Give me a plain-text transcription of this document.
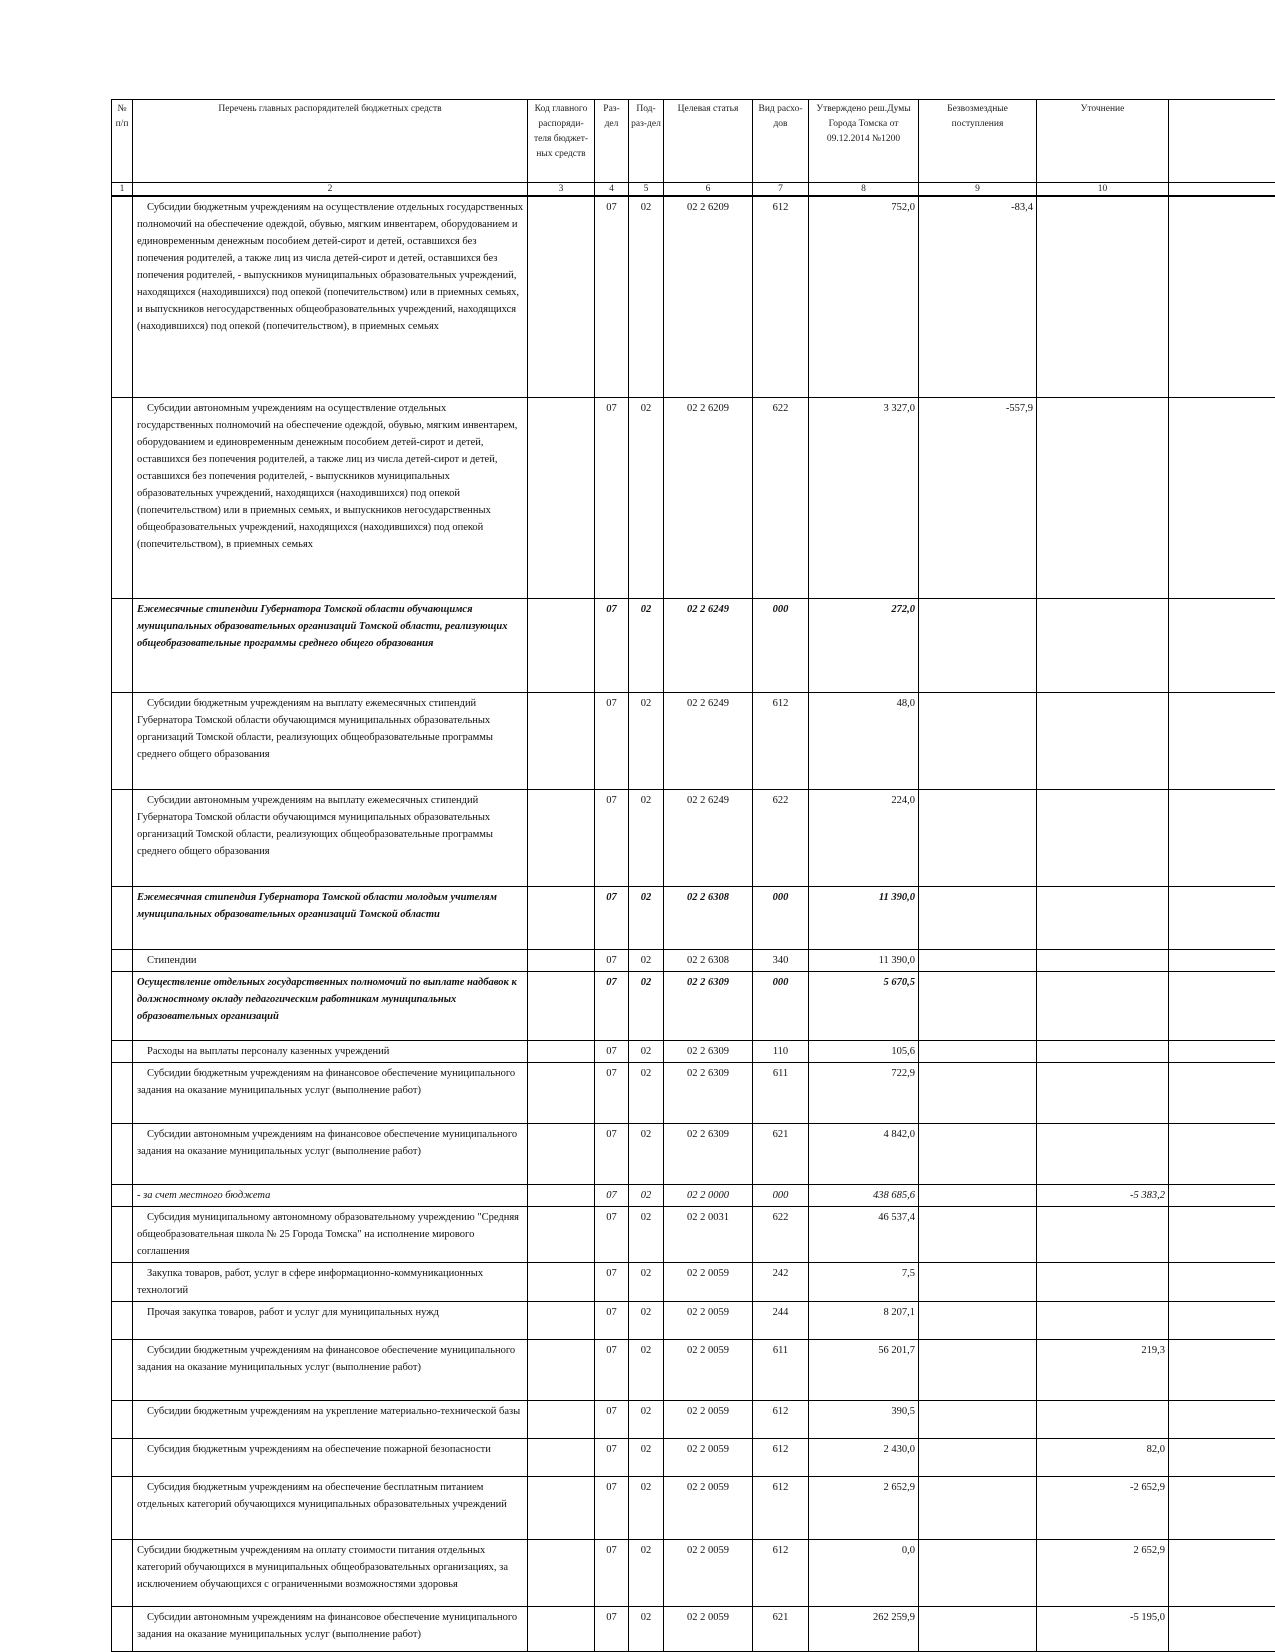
№ п/п	Перечень главных распорядителей бюджетных средств	Код главного распоряди-теля бюджет-ных средств	Раз-дел	Под-раз-дел	Целевая статья	Вид расхо-дов	Утверждено реш.Думы Города Томска от 09.12.2014 №1200	Безвозмездные поступления	Уточнение	
1	2	3	4	5	6	7	8	9	10	

	Субсидии бюджетным учреждениям на осуществление отдельных государственных полномочий на обеспечение одеждой, обувью, мягким инвентарем, оборудованием и единовременным денежным пособием детей-сирот и детей, оставшихся без попечения родителей, а также лиц из числа детей-сирот и детей, оставшихся без попечения родителей, - выпускников муниципальных образовательных учреждений, находящихся (находившихся) под опекой (попечительством) или в приемных семьях, и выпускников негосударственных общеобразовательных учреждений, находящихся (находившихся) под опекой (попечительством), в приемных семьях		07	02	02 2 6209	612	752,0	-83,4		

	Субсидии автономным учреждениям на осуществление отдельных государственных полномочий на обеспечение одеждой, обувью, мягким инвентарем, оборудованием и единовременным денежным пособием детей-сирот и детей, оставшихся без попечения родителей, а также лиц из числа детей-сирот и детей, оставшихся без попечения родителей, - выпускников муниципальных образовательных учреждений, находящихся (находившихся) под опекой (попечительством) или в приемных семьях, и выпускников негосударственных общеобразовательных учреждений, находящихся (находившихся) под опекой (попечительством), в приемных семьях		07	02	02 2 6209	622	3 327,0	-557,9		

	Ежемесячные стипендии Губернатора Томской области обучающимся муниципальных образовательных организаций Томской области, реализующих общеобразовательные программы среднего общего образования		07	02	02 2 6249	000	272,0			

	Субсидии бюджетным учреждениям на выплату ежемесячных стипендий Губернатора Томской области обучающимся муниципальных образовательных организаций Томской области, реализующих общеобразовательные программы среднего общего образования		07	02	02 2 6249	612	48,0			

	Субсидии автономным учреждениям на выплату ежемесячных стипендий Губернатора Томской области обучающимся муниципальных образовательных организаций Томской области, реализующих общеобразовательные программы среднего общего образования		07	02	02 2 6249	622	224,0			

	Ежемесячная стипендия Губернатора Томской области молодым учителям муниципальных образовательных организаций Томской области		07	02	02 2 6308	000	11 390,0			

	Стипендии		07	02	02 2 6308	340	11 390,0			

	Осуществление отдельных государственных полномочий по выплате надбавок к должностному окладу педагогическим работникам муниципальных образовательных организаций		07	02	02 2 6309	000	5 670,5			

	Расходы на выплаты персоналу казенных учреждений		07	02	02 2 6309	110	105,6			

	Субсидии бюджетным учреждениям на финансовое обеспечение муниципального задания на оказание муниципальных услуг (выполнение работ)		07	02	02 2 6309	611	722,9			

	Субсидии автономным учреждениям на финансовое обеспечение муниципального задания на оказание муниципальных услуг (выполнение работ)		07	02	02 2 6309	621	4 842,0			

	- за счет местного бюджета		07	02	02 2 0000	000	438 685,6		-5 383,2	

	Субсидия муниципальному автономному образовательному учреждению "Средняя общеобразовательная школа № 25 Города Томска" на исполнение мирового соглашения		07	02	02 2 0031	622	46 537,4			

	Закупка товаров, работ, услуг в сфере информационно-коммуникационных технологий		07	02	02 2 0059	242	7,5			

	Прочая закупка товаров, работ и услуг для муниципальных нужд		07	02	02 2 0059	244	8 207,1			

	Субсидии бюджетным учреждениям на финансовое обеспечение муниципального задания на оказание муниципальных услуг (выполнение работ)		07	02	02 2 0059	611	56 201,7		219,3	

	Субсидии бюджетным учреждениям на укрепление материально-технической базы		07	02	02 2 0059	612	390,5			

	Субсидия бюджетным учреждениям на обеспечение пожарной безопасности		07	02	02 2 0059	612	2 430,0		82,0	

	Субсидия бюджетным учреждениям на обеспечение бесплатным питанием отдельных категорий обучающихся муниципальных образовательных учреждений		07	02	02 2 0059	612	2 652,9		-2 652,9	

	Субсидии бюджетным учреждениям на оплату стоимости питания отдельных категорий обучающихся в муниципальных общеобразовательных организациях, за исключением обучающихся с ограниченными возможностями здоровья		07	02	02 2 0059	612	0,0		2 652,9	

	Субсидии автономным учреждениям на финансовое обеспечение муниципального задания на оказание муниципальных услуг (выполнение работ)		07	02	02 2 0059	621	262 259,9		-5 195,0	
